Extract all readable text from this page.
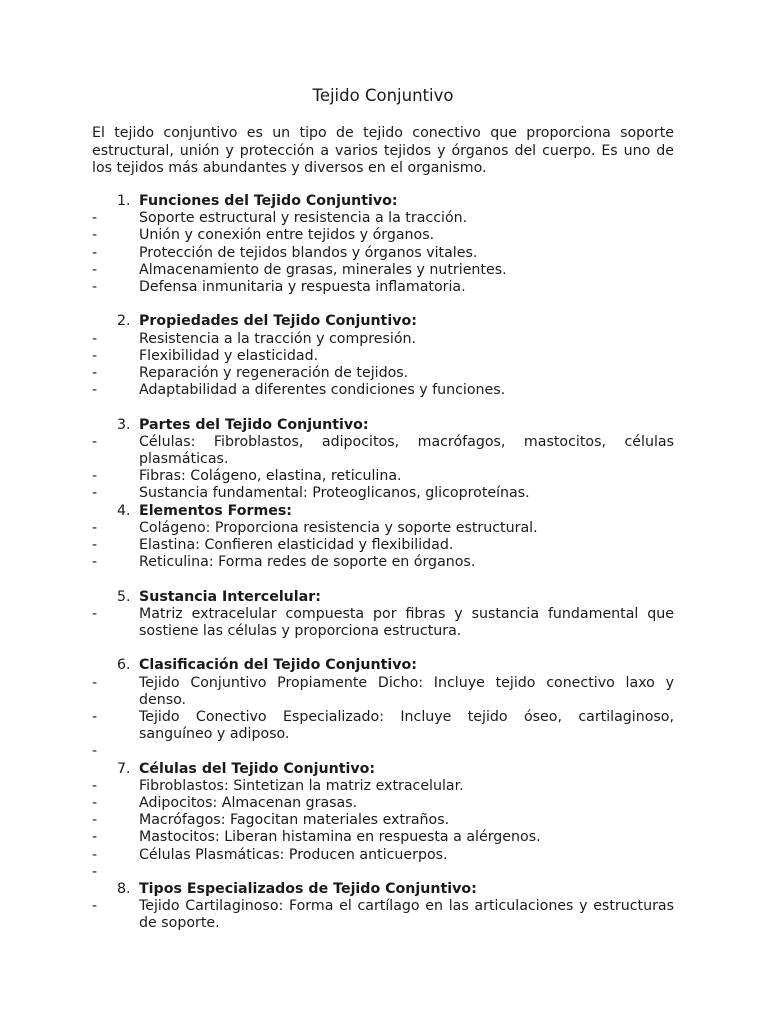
Tejido Conjuntivo
El tejido conjuntivo es un tipo de tejido conectivo que proporciona soporte estructural, unión y protección a varios tejidos y órganos del cuerpo. Es uno de los tejidos más abundantes y diversos en el organismo.
1. Funciones del Tejido Conjuntivo:
-	Soporte estructural y resistencia a la tracción.
-	Unión y conexión entre tejidos y órganos.
-	Protección de tejidos blandos y órganos vitales.
-	Almacenamiento de grasas, minerales y nutrientes.
-	Defensa inmunitaria y respuesta inflamatoria.
2. Propiedades del Tejido Conjuntivo:
-	Resistencia a la tracción y compresión.
-	Flexibilidad y elasticidad.
-	Reparación y regeneración de tejidos.
-	Adaptabilidad a diferentes condiciones y funciones.
3. Partes del Tejido Conjuntivo:
-	Células: Fibroblastos, adipocitos, macrófagos, mastocitos, células plasmáticas.
-	Fibras: Colágeno, elastina, reticulina.
-	Sustancia fundamental: Proteoglicanos, glicoproteínas.
4. Elementos Formes:
-	Colágeno: Proporciona resistencia y soporte estructural.
-	Elastina: Confieren elasticidad y flexibilidad.
-	Reticulina: Forma redes de soporte en órganos.
5. Sustancia Intercelular:
-	Matriz extracelular compuesta por fibras y sustancia fundamental que sostiene las células y proporciona estructura.
6. Clasificación del Tejido Conjuntivo:
-	Tejido Conjuntivo Propiamente Dicho: Incluye tejido conectivo laxo y denso.
-	Tejido Conectivo Especializado: Incluye tejido óseo, cartilaginoso, sanguíneo y adiposo.
-
7. Células del Tejido Conjuntivo:
-	Fibroblastos: Sintetizan la matriz extracelular.
-	Adipocitos: Almacenan grasas.
-	Macrófagos: Fagocitan materiales extraños.
-	Mastocitos: Liberan histamina en respuesta a alérgenos.
-	Células Plasmáticas: Producen anticuerpos.
-
8. Tipos Especializados de Tejido Conjuntivo:
-	Tejido Cartilaginoso: Forma el cartílago en las articulaciones y estructuras de soporte.
